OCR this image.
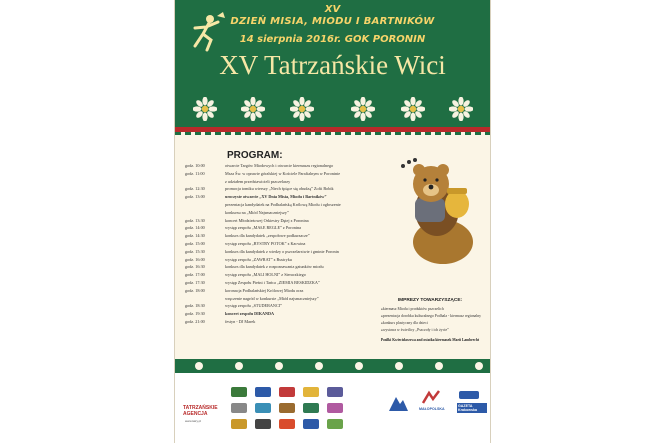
XV
DZIEŃ MISIA, MIODU I BARTNIKÓW
14 sierpnia 2016r. GOK PORONIN
XV Tatrzańskie Wici
PROGRAM:
godz. 10:00	otwarcie Targów Miodowych i otwarcie kiermaszu regionalnego
godz. 11:00	Msza Św. w oprawie góralskiej w Kościele Parafialnym w Poroninie
z udziałem przedstawicieli pszczelarzy
godz. 12:30	promocja tomiku wierszy „Niech śpiące się obudzą” Zofii Bobik
godz. 13:00	uroczyste otwarcie „XV Dnia Misia, Miodu i Bartników”
prezentacja kandydatek na Podhalańską Królową Miodu i ogłoszenie
konkursu na „Miód Najsmaczniejszy”
godz. 13:30	koncert Młodzieżowej Orkiestry Dętej z Poronina
godz. 14:00	występ zespołu „MAŁE REGLE” z Poronina
godz. 14:30	konkurs dla kandydatek „zespołowe podkurzacze”
godz. 15:00	występ zespołu „BYSTRY POTOK” z Kacwina
godz. 15:30	konkurs dla kandydatek z wiedzy o pszczelarstwie i gminie Poronin
godz. 16:00	występ zespołu „ZAWRAT” z Bustryku
godz. 16:30	konkurs dla kandydatek z rozpoznawania gatunków miodu
godz. 17:00	występ zespołu „MALI HOLNI” z Sieraczkiego
godz. 17:30	występ Zespołu Pieśni i Tańca „ZIEMIA BESKIDZKA”
godz. 18:00	koronacja Podhalańskiej Królowej Miodu oraz
wręczenie nagród w konkursie „Miód najsmaczniejszy”
godz. 18:30	występ zespołu „STUDERANCI”
godz. 19:30	koncert zespołu DIKANDA
godz. 21:00	festyn - DJ Marek
IMPREZY TOWARZYSZĄCE:
● kiermasz Miodu i produktów pszczelich
● prezentacja dorobku kulturalnego Podhala - kiermasz regionalny
● konkurs plastyczny dla dzieci
● wystawa w świetlicy „Pszczoły i ich życie”
Posiłki Kwiecisławowa and ostatka kiermasek Marii Lambrecht
TATRZAŃSKIE AGENCJA
www.tatry.pl
MAŁOPOLSKA
GAZETA Krakowska
